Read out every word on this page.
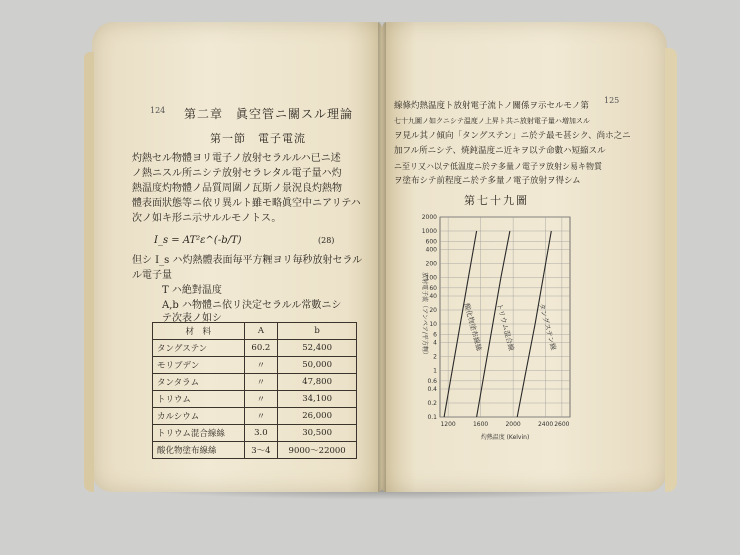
124 第二章　眞空管ニ關スル理論
第一節　電子電流
灼熱セル物體ヨリ電子ノ放射セラルルハ已ニ述
ノ熱ニスル所ニシテ放射セラレタル電子量ハ灼
熱温度灼物體ノ品質周圍ノ瓦斯ノ景況良灼熱物
體表面狀態等ニ依リ異ルト雖モ略眞空中ニアリテハ
次ノ如キ形ニ示サルルモノトス。
I_s = AT²ε^(-b/T)	(28)
但シ I_s ハ灼熱體表面毎平方糎ヨリ毎秒放射セラル
ル電子量
T ハ絶對温度
A,b ハ物體ニ依リ決定セラルル常數ニシ
テ次表ノ如シ
材　料	A	b
タングステン	60.2	52,400
モリブデン	〃	50,000
タンタラム	〃	47,800
トリウム	〃	34,100
カルシウム	〃	26,000
トリウム混合線絲	3.0	30,500
酸化物塗布線絲	3〜4	9000〜22000
125
線條灼熱温度ト放射電子流トノ關係ヲ示セルモノ第
七十九圖ノ如クニシテ温度ノ上昇ト共ニ放射電子量ハ増加スル
ヲ見ル其ノ傾向「タングステン」ニ於テ最モ甚シク、尚ホ之ニ
加フル所ニシテ、焼鈍温度ニ近キヲ以テ命數ハ短縮スル
ニ至リ又ハ以テ低温度ニ於テ多量ノ電子ヲ放射シ易キ物質
ヲ塗布シテ前程度ニ於テ多量ノ電子放射ヲ得シム
第七十九圖
2000
1000
600
400
200
100
60
40
20
10
6
4
2
1
0.6
0.4
0.2
0.1
1200	1600	2000	2400 2600
酸化物塗布線絲 トリウム混合線	タングステン線
放射電子流（アンペア/平方糎）
灼熱温度 (Kelvin)
